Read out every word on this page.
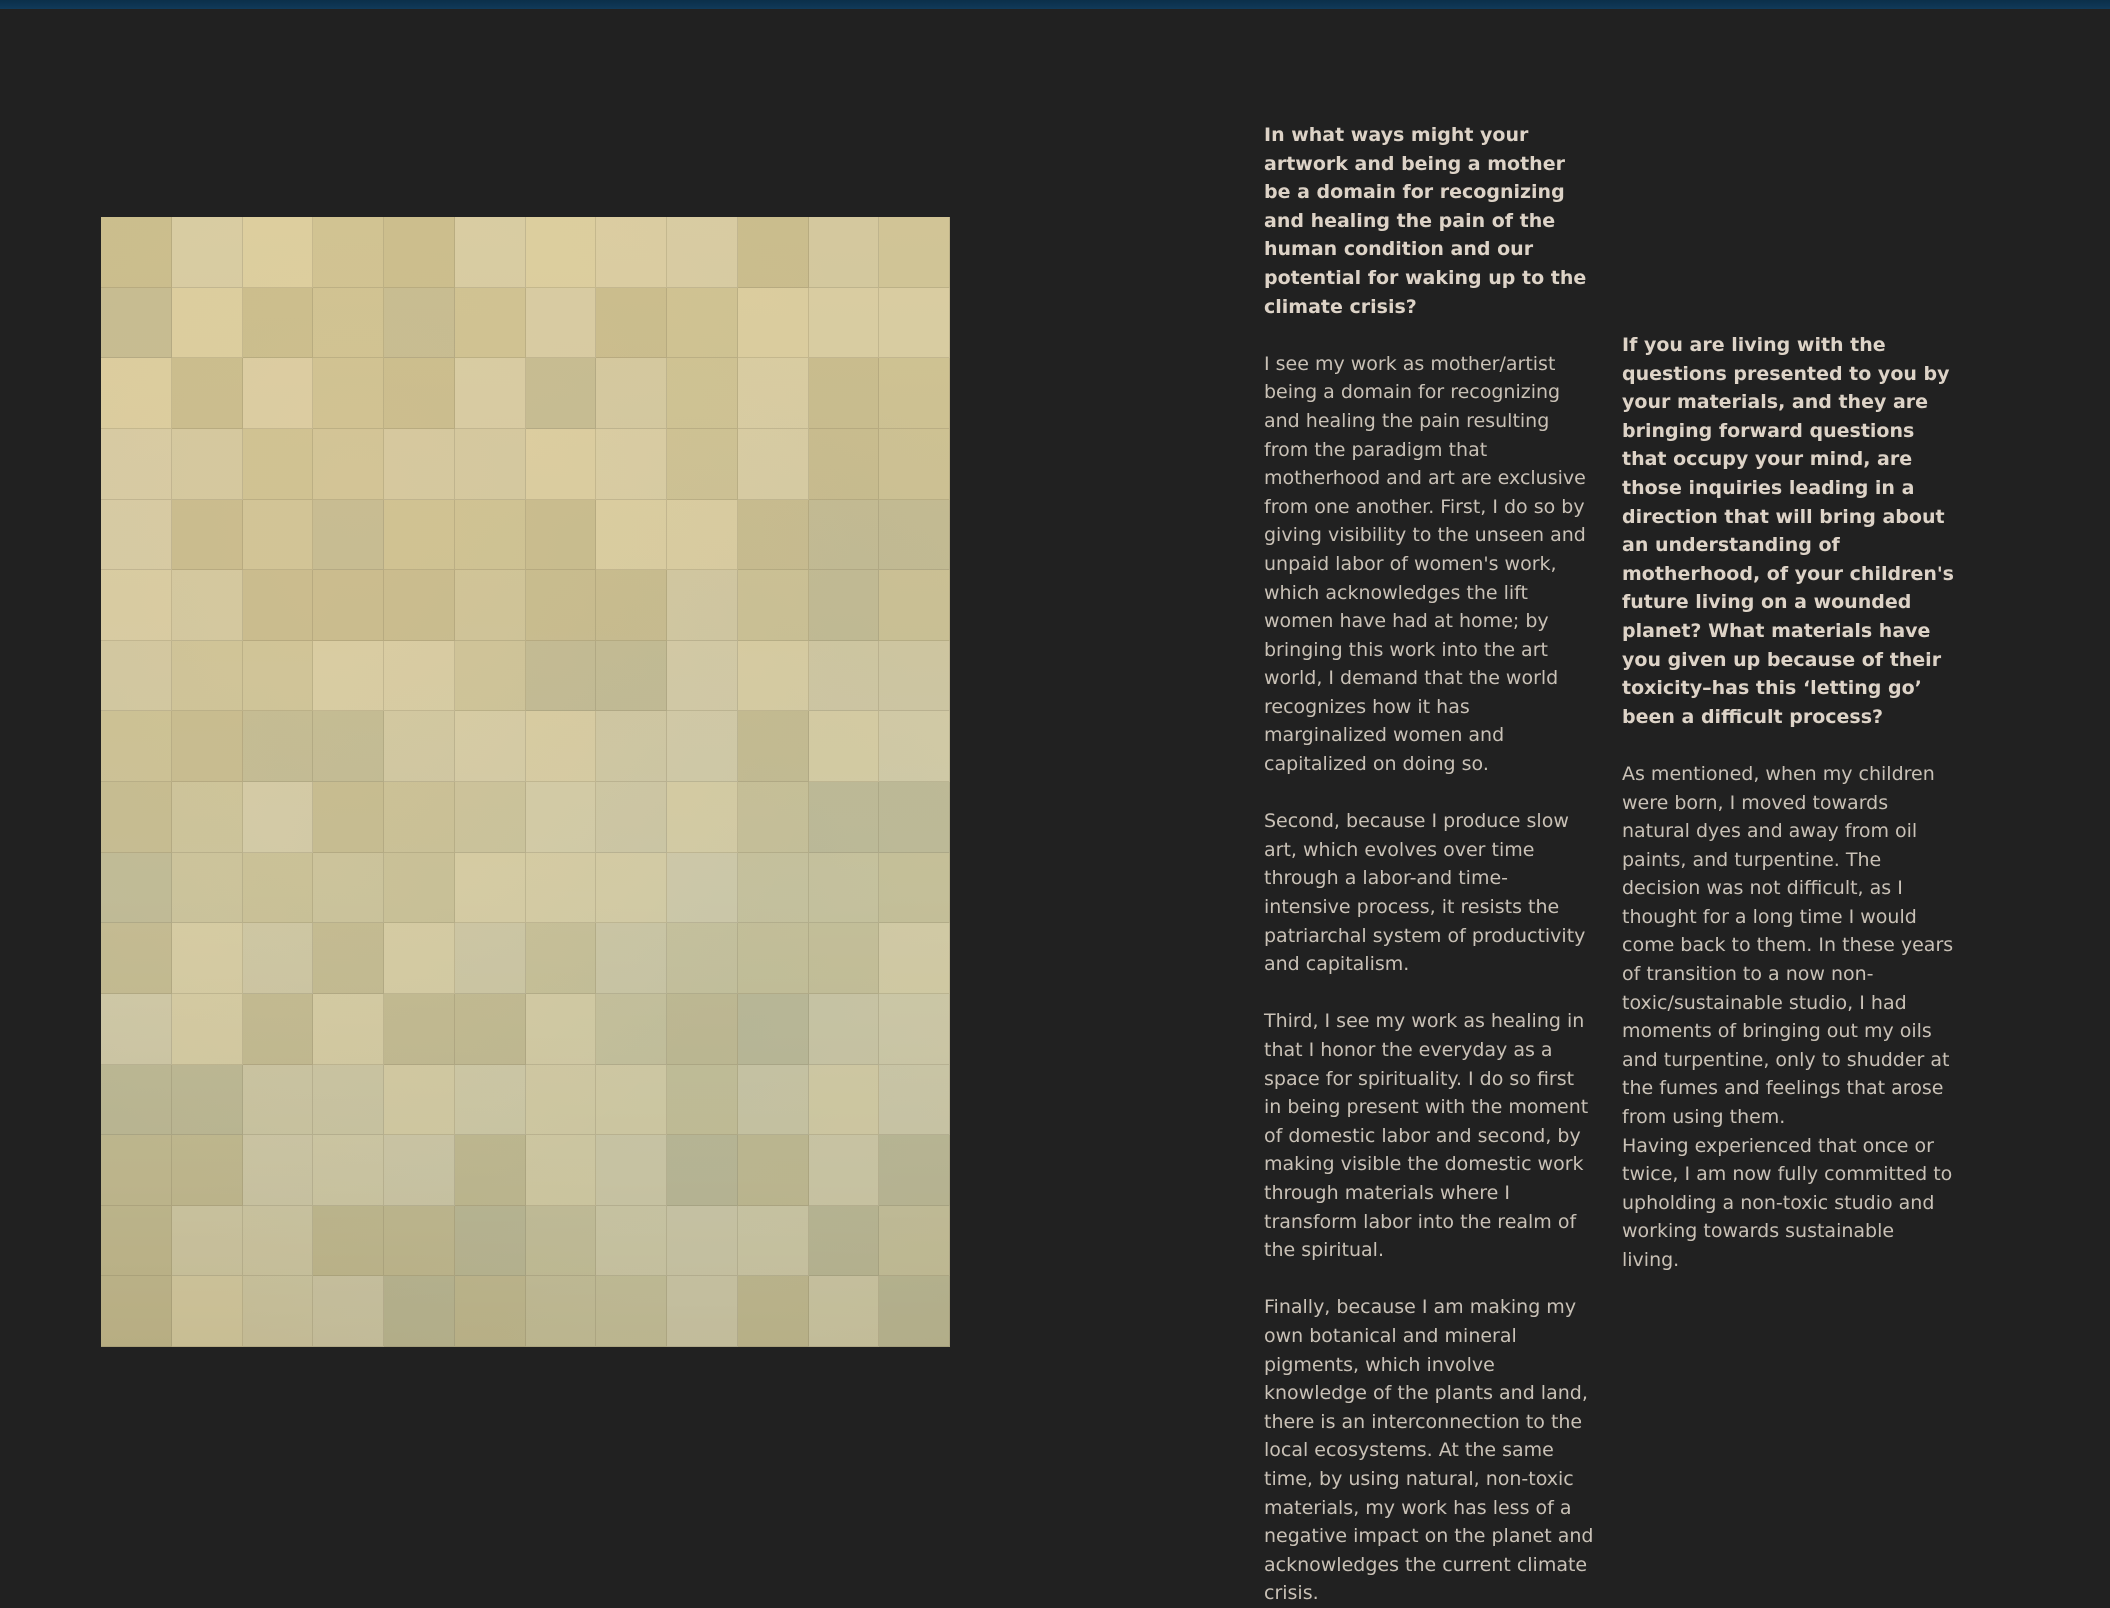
In what ways might your artwork and being a mother be a domain for recognizing and healing the pain of the human condition and our potential for waking up to the climate crisis?
I see my work as mother/artist being a domain for recognizing and healing the pain resulting from the paradigm that motherhood and art are exclusive from one another. First, I do so by giving visibility to the unseen and unpaid labor of women's work, which acknowledges the lift women have had at home; by bringing this work into the art world, I demand that the world recognizes how it has marginalized women and capitalized on doing so.
Second, because I produce slow art, which evolves over time through a labor-and time-intensive process, it resists the patriarchal system of productivity and capitalism.
Third, I see my work as healing in that I honor the everyday as a space for spirituality. I do so first in being present with the moment of domestic labor and second, by making visible the domestic work through materials where I transform labor into the realm of the spiritual.
Finally, because I am making my own botanical and mineral pigments, which involve knowledge of the plants and land, there is an interconnection to the local ecosystems. At the same time, by using natural, non-toxic materials, my work has less of a negative impact on the planet and acknowledges the current climate crisis.
If you are living with the questions presented to you by your materials, and they are bringing forward questions that occupy your mind, are those inquiries leading in a direction that will bring about an understanding of motherhood, of your children's future living on a wounded planet? What materials have you given up because of their toxicity–has this ‘letting go’ been a difficult process?
As mentioned, when my children were born, I moved towards natural dyes and away from oil paints, and turpentine. The decision was not difficult, as I thought for a long time I would come back to them. In these years of transition to a now non-toxic/sustainable studio, I had moments of bringing out my oils and turpentine, only to shudder at the fumes and feelings that arose from using them.
Having experienced that once or twice, I am now fully committed to upholding a non-toxic studio and working towards sustainable living.
